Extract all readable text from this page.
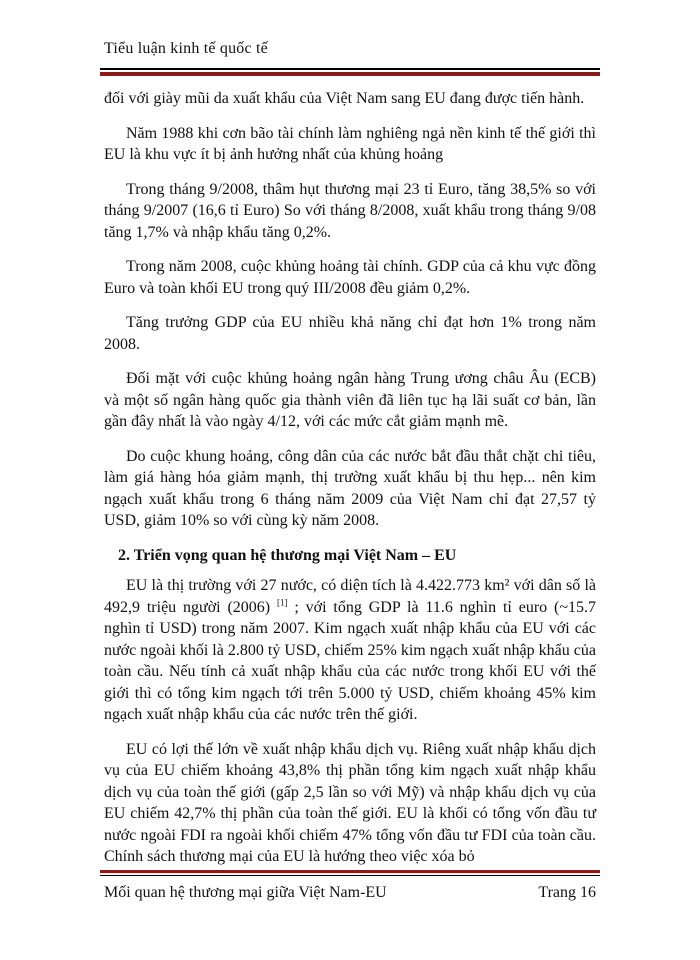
Tiểu luận kinh tế quốc tế

đối với giày mũi da xuất khẩu của Việt Nam sang EU đang được tiến hành.

Năm 1988 khi cơn bão tài chính làm nghiêng ngả nền kinh tế thế giới thì EU là khu vực ít bị ảnh hưởng nhất của khủng hoảng

Trong tháng 9/2008, thâm hụt thương mại 23 tỉ Euro, tăng 38,5% so với tháng 9/2007 (16,6 tỉ Euro) So với tháng 8/2008, xuất khẩu trong tháng 9/08 tăng 1,7% và nhập khẩu tăng 0,2%.

Trong năm 2008, cuộc khủng hoảng tài chính. GDP của cả khu vực đồng Euro và toàn khối EU trong quý III/2008 đều giảm 0,2%.

Tăng trưởng GDP của EU nhiều khả năng chỉ đạt hơn 1% trong năm 2008.

Đối mặt với cuộc khủng hoảng ngân hàng Trung ương châu Âu (ECB) và một số ngân hàng quốc gia thành viên đã liên tục hạ lãi suất cơ bản, lần gần đây nhất là vào ngày 4/12, với các mức cắt giảm mạnh mẽ.

Do cuộc khung hoảng, công dân của các nước bắt đầu thắt chặt chi tiêu, làm giá hàng hóa giảm mạnh, thị trường xuất khẩu bị thu hẹp... nên kim ngạch xuất khẩu trong 6 tháng năm 2009 của Việt Nam chỉ đạt 27,57 tỷ USD, giảm 10% so với cùng kỳ năm 2008.

2. Triển vọng quan hệ thương mại Việt Nam – EU

EU là thị trường với 27 nước, có diện tích là 4.422.773 km² với dân số là 492,9 triệu người (2006) [1] ; với tổng GDP là 11.6 nghìn tỉ euro (~15.7 nghìn tỉ USD) trong năm 2007. Kim ngạch xuất nhập khẩu của EU với các nước ngoài khối là 2.800 tỷ USD, chiếm 25% kim ngạch xuất nhập khẩu của toàn cầu. Nếu tính cả xuất nhập khẩu của các nước trong khối EU với thế giới thì có tổng kim ngạch tới trên 5.000 tỷ USD, chiếm khoảng 45% kim ngạch xuất nhập khẩu của các nước trên thế giới.

EU có lợi thế lớn về xuất nhập khẩu dịch vụ. Riêng xuất nhập khẩu dịch vụ của EU chiếm khoảng 43,8% thị phần tổng kim ngạch xuất nhập khẩu dịch vụ của toàn thế giới (gấp 2,5 lần so với Mỹ) và nhập khẩu dịch vụ của EU chiếm 42,7% thị phần của toàn thế giới. EU là khối có tổng vốn đầu tư nước ngoài FDI ra ngoài khối chiếm 47% tổng vốn đầu tư FDI của toàn cầu. Chính sách thương mại của EU là hướng theo việc xóa bỏ

Mối quan hệ thương mại giữa Việt Nam-EU	Trang 16
